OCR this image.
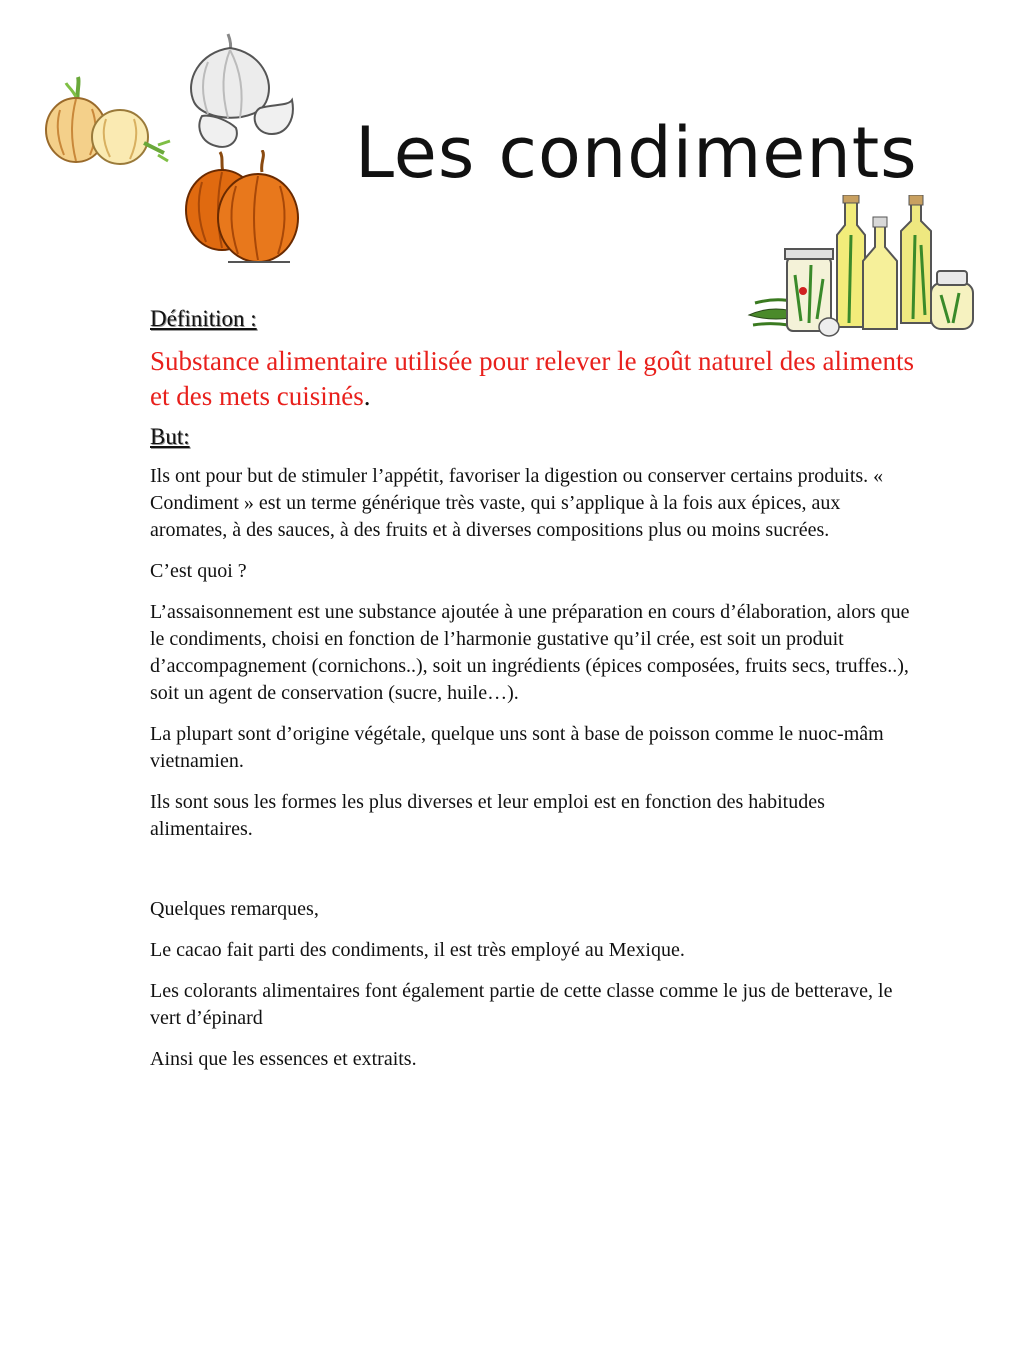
Les condiments

Définition :

Substance alimentaire utilisée pour relever le goût naturel des aliments et des mets cuisinés.

But:

Ils ont pour but de stimuler l’appétit, favoriser la digestion ou conserver certains produits. « Condiment » est un terme générique très vaste, qui s’applique à la fois aux épices, aux aromates, à des sauces, à des fruits et à diverses compositions plus ou moins sucrées.

C’est quoi ?

L’assaisonnement est une substance ajoutée à une préparation en cours d’élaboration, alors que le condiments, choisi en fonction de l’harmonie gustative qu’il crée, est soit un produit d’accompagnement (cornichons..), soit un ingrédients (épices composées, fruits secs, truffes..), soit un agent de conservation (sucre, huile…).

La plupart sont d’origine végétale, quelque uns sont à base de poisson comme le nuoc-mâm vietnamien.

Ils sont sous les formes les plus diverses et leur emploi est en fonction des habitudes alimentaires.

Quelques remarques,

Le cacao fait parti des condiments, il est très employé au Mexique.

Les colorants alimentaires font également partie de cette classe comme le jus de betterave, le vert d’épinard

Ainsi que les essences et extraits.
